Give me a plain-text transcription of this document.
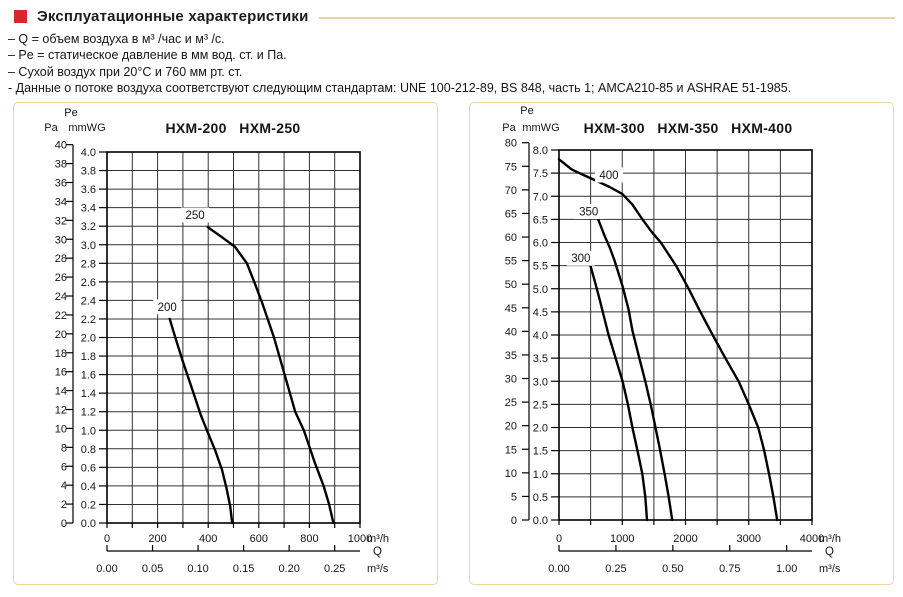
Эксплуатационные характеристики
– Q = объем воздуха в м³ /час и м³ /с.
– Pe = статическое давление в мм вод. ст. и Па.
– Сухой воздух при 20°C и 760 мм рт. ст.
- Данные о потоке воздуха соответствуют следующим стандартам: UNE 100-212-89, BS 848, часть 1; AMCA210-85 и ASHRAE 51-1985.
40
38
36
34
32
30
28
26
24
22
20
18
16
14
12
10
8
6
4
2
0
4.0
3.8
3.6
3.4
3.2
3.0
2.8
2.6
2.4
2.2
2.0
1.8
1.6
1.4
1.2
1.0
0.8
0.6
0.4
0.2
0.0
0	200	400	600	800	1000
m³/h
0.00 0.05 0.10 0.15 0.20 0.25
Q
m³/s
Pe
Pa mmWG	HXM-200   HXM-250
200
250
80
75
70
65
60
55
50
45
40
35
30
25
20
15
10
5
0
8.0
7.5
7.0
6.5
6.0
5.5
5.0
4.5
4.0
3.5
3.0
2.5
2.0
1.5
1.0
0.5
0.0
0	1000	2000	3000	4000
m³/h
0.00	0.25	0.50	0.75	1.00
Q
m³/s
Pe
Pa mmWG HXM-300   HXM-350   HXM-400
300
350
400
